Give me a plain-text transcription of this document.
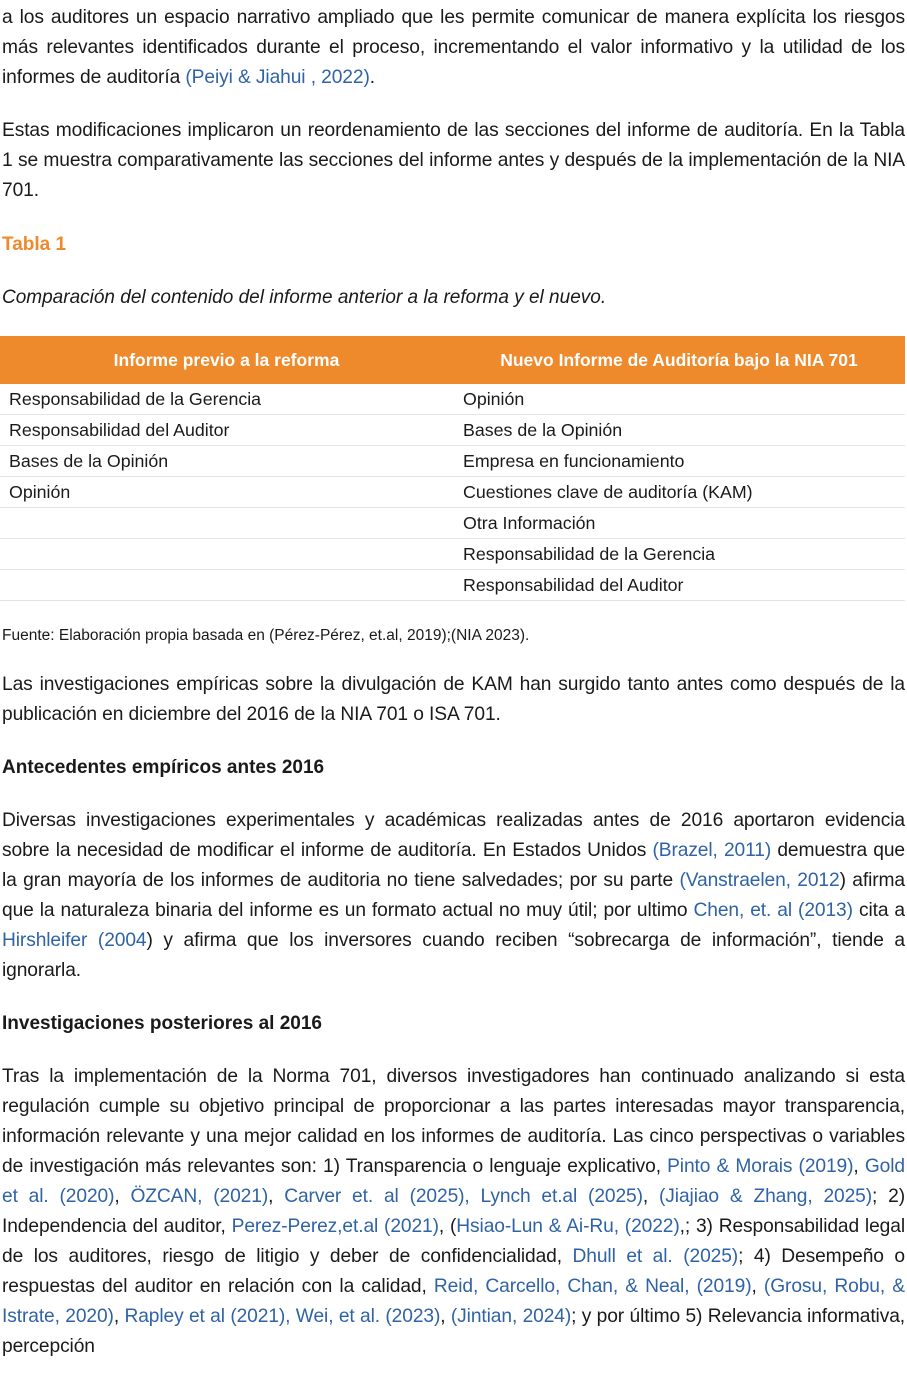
a los auditores un espacio narrativo ampliado que les permite comunicar de manera explícita los riesgos más relevantes identificados durante el proceso, incrementando el valor informativo y la utilidad de los informes de auditoría (Peiyi & Jiahui , 2022).

Estas modificaciones implicaron un reordenamiento de las secciones del informe de auditoría. En la Tabla 1 se muestra comparativamente las secciones del informe antes y después de la implementación de la NIA 701.

Tabla 1

Comparación del contenido del informe anterior a la reforma y el nuevo.

Informe previo a la reforma	Nuevo Informe de Auditoría bajo la NIA 701
Responsabilidad de la Gerencia	Opinión
Responsabilidad del Auditor	Bases de la Opinión
Bases de la Opinión	Empresa en funcionamiento
Opinión	Cuestiones clave de auditoría (KAM)
	Otra Información
	Responsabilidad de la Gerencia
	Responsabilidad del Auditor

Fuente: Elaboración propia basada en (Pérez-Pérez, et.al, 2019);(NIA 2023).

Las investigaciones empíricas sobre la divulgación de KAM han surgido tanto antes como después de la publicación en diciembre del 2016 de la NIA 701 o ISA 701.

Antecedentes empíricos antes 2016

Diversas investigaciones experimentales y académicas realizadas antes de 2016 aportaron evidencia sobre la necesidad de modificar el informe de auditoría. En Estados Unidos (Brazel, 2011) demuestra que la gran mayoría de los informes de auditoria no tiene salvedades; por su parte (Vanstraelen, 2012) afirma que la naturaleza binaria del informe es un formato actual no muy útil; por ultimo Chen, et. al (2013) cita a Hirshleifer (2004) y afirma que los inversores cuando reciben “sobrecarga de información”, tiende a ignorarla.

Investigaciones posteriores al 2016

Tras la implementación de la Norma 701, diversos investigadores han continuado analizando si esta regulación cumple su objetivo principal de proporcionar a las partes interesadas mayor transparencia, información relevante y una mejor calidad en los informes de auditoría. Las cinco perspectivas o variables de investigación más relevantes son: 1) Transparencia o lenguaje explicativo, Pinto & Morais (2019), Gold et al. (2020), ÖZCAN, (2021), Carver et. al (2025), Lynch et.al (2025), (Jiajiao & Zhang, 2025); 2) Independencia del auditor, Perez-Perez,et.al (2021), (Hsiao-Lun & Ai-Ru, (2022),; 3) Responsabilidad legal de los auditores, riesgo de litigio y deber de confidencialidad, Dhull et al. (2025); 4) Desempeño o respuestas del auditor en relación con la calidad, Reid, Carcello, Chan, & Neal, (2019), (Grosu, Robu, & Istrate, 2020), Rapley et al (2021), Wei, et al. (2023), (Jintian, 2024); y por último 5) Relevancia informativa, percepción
